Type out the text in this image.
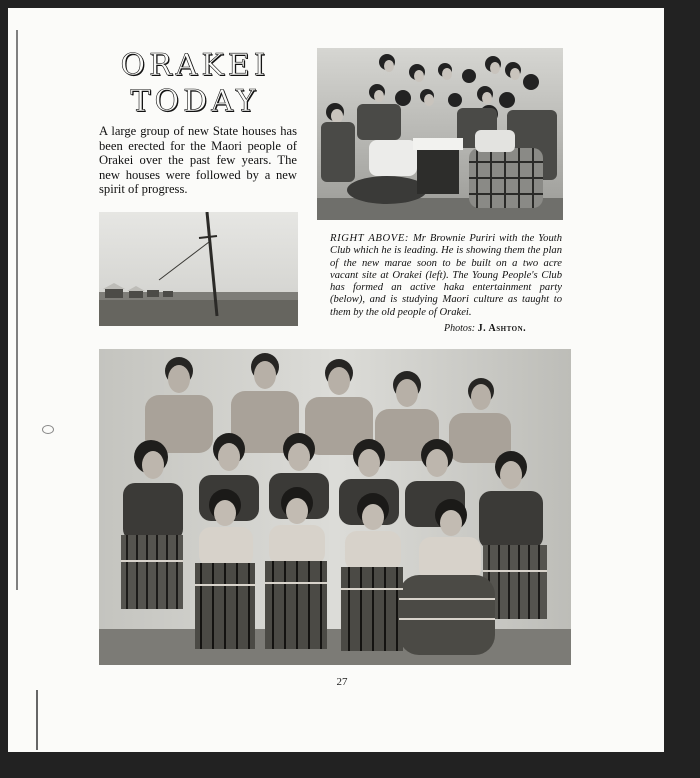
ORAKEI
TODAY

A large group of new State houses has been erected for the Maori people of Orakei over the past few years. The new houses were followed by a new spirit of progress.

RIGHT ABOVE: Mr Brownie Puriri with the Youth Club which he is leading. He is showing them the plan of the new marae soon to be built on a two acre vacant site at Orakei (left). The Young People's Club has formed an active haka entertainment party (below), and is studying Maori culture as taught to them by the old people of Orakei.

Photos: J. Ashton.
27
